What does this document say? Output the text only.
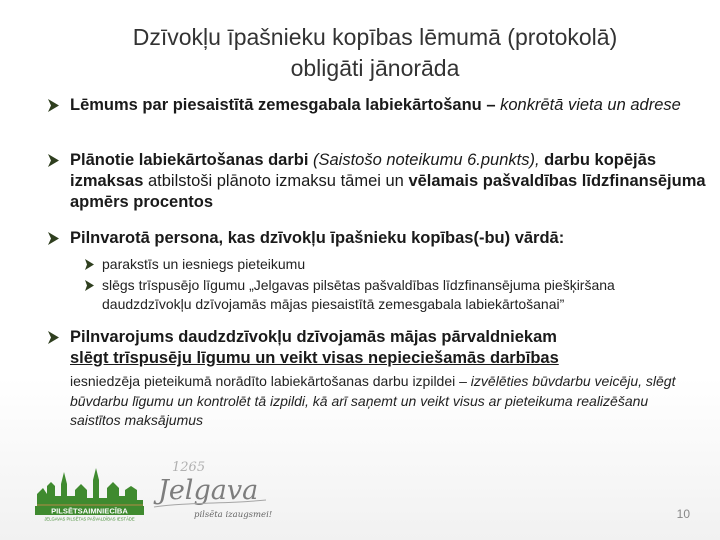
Dzīvokļu īpašnieku kopības lēmumā (protokolā)
obligāti jānorāda
Lēmums par piesaistītā zemesgabala labiekārtošanu – konkrētā vieta un adrese
Plānotie labiekārtošanas darbi (Saistošo noteikumu 6.punkts), darbu kopējās izmaksas atbilstoši plānoto izmaksu tāmei un vēlamais pašvaldības līdzfinansējuma apmērs procentos
Pilnvarotā persona, kas dzīvokļu īpašnieku kopības(-bu) vārdā:
parakstīs un iesniegs pieteikumu
slēgs trīspusējo līgumu „Jelgavas pilsētas pašvaldības līdzfinansējuma piešķiršana daudzdzīvokļu dzīvojamās mājas piesaistītā zemesgabala labiekārtošanai”
Pilnvarojums daudzdzīvokļu dzīvojamās mājas pārvaldniekam
slēgt trīspusēju līgumu un veikt visas nepieciešamās darbības
iesniedzēja pieteikumā norādīto labiekārtošanas darbu izpildei – izvēlēties būvdarbu veicēju, slēgt būvdarbu līgumu un kontrolēt tā izpildi, kā arī saņemt un veikt visus ar pieteikuma realizēšanu saistītos maksājumus
PILSĒTSAIMNIECĪBA
JELGAVAS PILSĒTAS PAŠVALDĪBAS IESTĀDE
1265
Jelgava
pilsēta izaugsmei!	10
